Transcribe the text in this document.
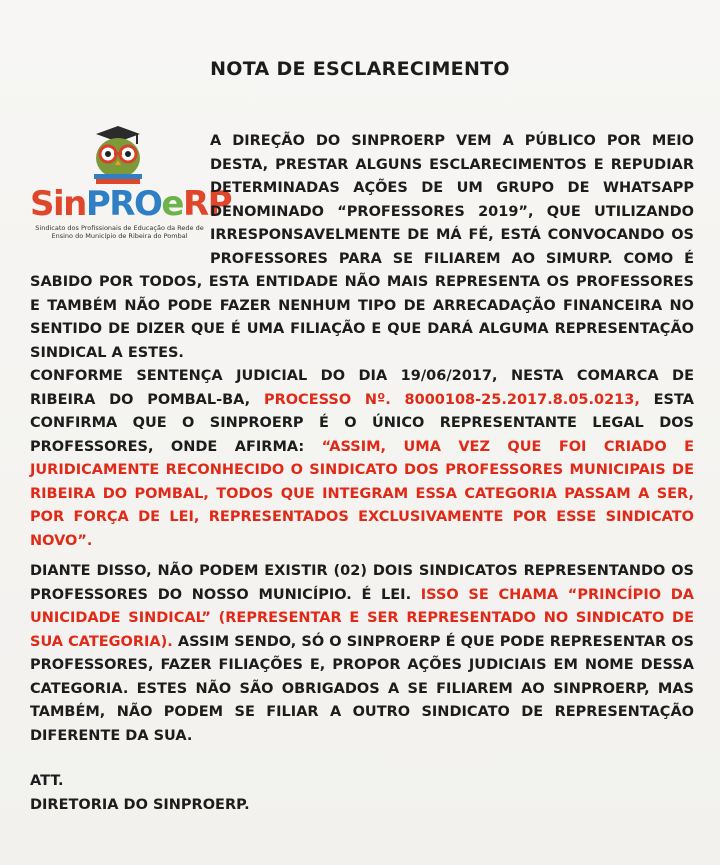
NOTA DE ESCLARECIMENTO
SinPROeRP
Sindicato dos Profissionais de Educação da Rede de Ensino do Município de Ribeira do Pombal
A DIREÇÃO DO SINPROERP VEM A PÚBLICO POR MEIO DESTA, PRESTAR ALGUNS ESCLARECIMENTOS E REPUDIAR DETERMINADAS AÇÕES DE UM GRUPO DE WHATSAPP DENOMINADO “PROFESSORES 2019”, QUE UTILIZANDO IRRESPONSAVELMENTE DE MÁ FÉ, ESTÁ CONVOCANDO OS PROFESSORES PARA SE FILIAREM AO SIMURP. COMO É SABIDO POR TODOS, ESTA ENTIDADE NÃO MAIS REPRESENTA OS PROFESSORES E TAMBÉM NÃO PODE FAZER NENHUM TIPO DE ARRECADAÇÃO FINANCEIRA NO SENTIDO DE DIZER QUE É UMA FILIAÇÃO E QUE DARÁ ALGUMA REPRESENTAÇÃO SINDICAL A ESTES.
CONFORME SENTENÇA JUDICIAL DO DIA 19/06/2017, NESTA COMARCA DE RIBEIRA DO POMBAL-BA, PROCESSO Nº. 8000108-25.2017.8.05.0213, ESTA CONFIRMA QUE O SINPROERP É O ÚNICO REPRESENTANTE LEGAL DOS PROFESSORES, ONDE AFIRMA: “ASSIM, UMA VEZ QUE FOI CRIADO E JURIDICAMENTE RECONHECIDO O SINDICATO DOS PROFESSORES MUNICIPAIS DE RIBEIRA DO POMBAL, TODOS QUE INTEGRAM ESSA CATEGORIA PASSAM A SER, POR FORÇA DE LEI, REPRESENTADOS EXCLUSIVAMENTE POR ESSE SINDICATO NOVO”.
DIANTE DISSO, NÃO PODEM EXISTIR (02) DOIS SINDICATOS REPRESENTANDO OS PROFESSORES DO NOSSO MUNICÍPIO. É LEI. ISSO SE CHAMA “PRINCÍPIO DA UNICIDADE SINDICAL” (REPRESENTAR E SER REPRESENTADO NO SINDICATO DE SUA CATEGORIA). ASSIM SENDO, SÓ O SINPROERP É QUE PODE REPRESENTAR OS PROFESSORES, FAZER FILIAÇÕES E, PROPOR AÇÕES JUDICIAIS EM NOME DESSA CATEGORIA. ESTES NÃO SÃO OBRIGADOS A SE FILIAREM AO SINPROERP, MAS TAMBÉM, NÃO PODEM SE FILIAR A OUTRO SINDICATO DE REPRESENTAÇÃO DIFERENTE DA SUA.
ATT.
DIRETORIA DO SINPROERP.
